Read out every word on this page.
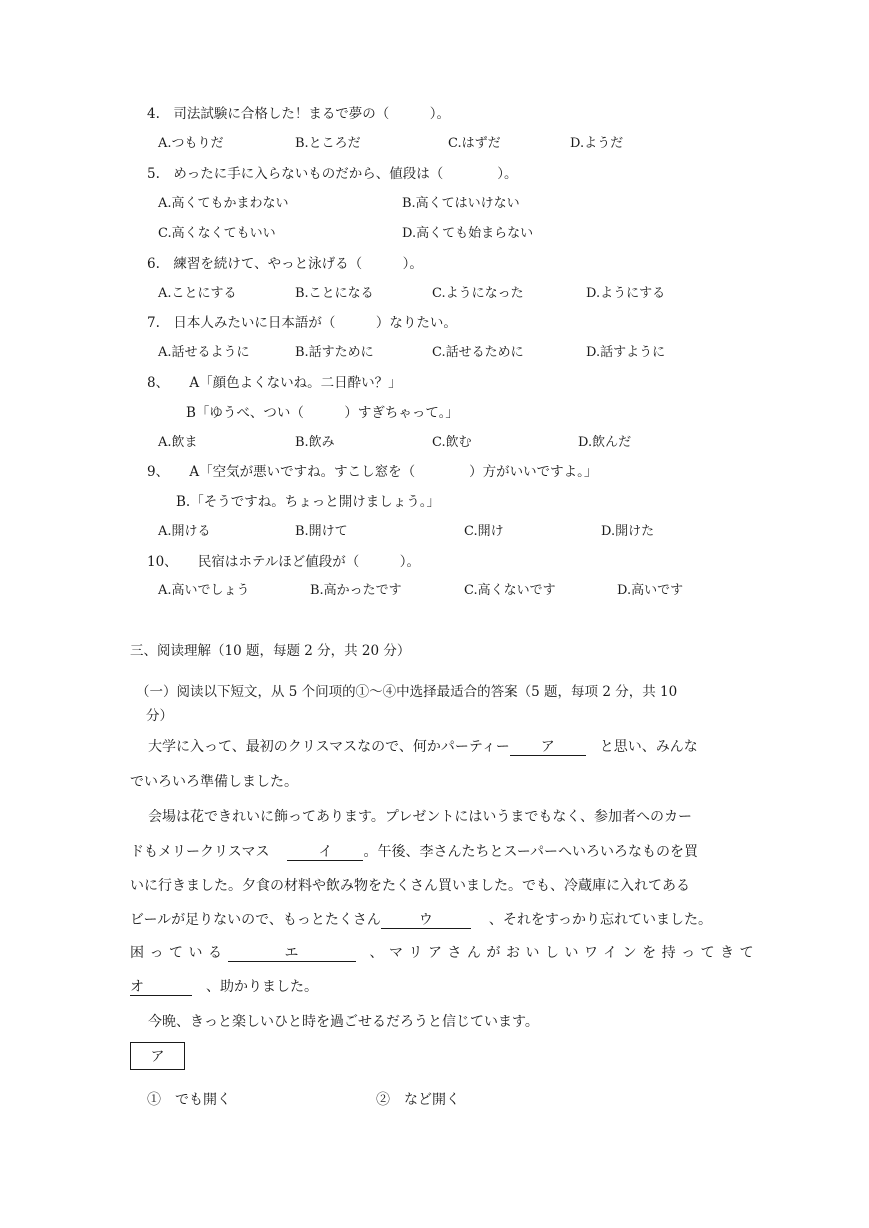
4.　司法試験に合格した！まるで夢の（　　　）。
A.つもりだ	B.ところだ	C.はずだ	D.ようだ
5.　めったに手に入らないものだから、値段は（　　　　）。
A.高くてもかまわない	B.高くてはいけない
C.高くなくてもいい	D.高くても始まらない
6.　練習を続けて、やっと泳げる（　　　）。
A.ことにする	B.ことになる	C.ようになった	D.ようにする
7.　日本人みたいに日本語が（　　　）なりたい。
A.話せるように	B.話すために	C.話せるために	D.話すように
8、　　A「顔色よくないね。二日酔い？」
B「ゆうべ、つい（　　　）すぎちゃって。」
A.飲ま	B.飲み	C.飲む	D.飲んだ
9、　　A「空気が悪いですね。すこし窓を（　　　　）方がいいですよ。」
B.「そうですね。ちょっと開けましょう。」
A.開ける	B.開けて	C.開け	D.開けた
10、　　民宿はホテルほど値段が（　　　）。
A.高いでしょう	B.高かったです	C.高くないです	D.高いです
三、阅读理解（10 题，每题 2 分，共 20 分）
（一）阅读以下短文，从 5 个问项的①～④中选择最适合的答案（5 题，每项 2 分，共 10
分）
大学に入って、最初のクリスマスなので、何かパーティー ア	と思い、みんな
でいろいろ準備しました。
会場は花できれいに飾ってあります。プレゼントにはいうまでもなく、参加者へのカー
ドもメリークリスマス	イ 。午後、李さんたちとスーパーへいろいろなものを買
いに行きました。夕食の材料や飲み物をたくさん買いました。でも、冷蔵庫に入れてある
ビールが足りないので、もっとたくさん	ウ	、それをすっかり忘れていました。
困っている	エ	、マリアさんがおいしいワインを持ってきて
オ	、助かりました。
今晩、きっと楽しいひと時を過ごせるだろうと信じています。
ア
①　でも開く	②　など開く
